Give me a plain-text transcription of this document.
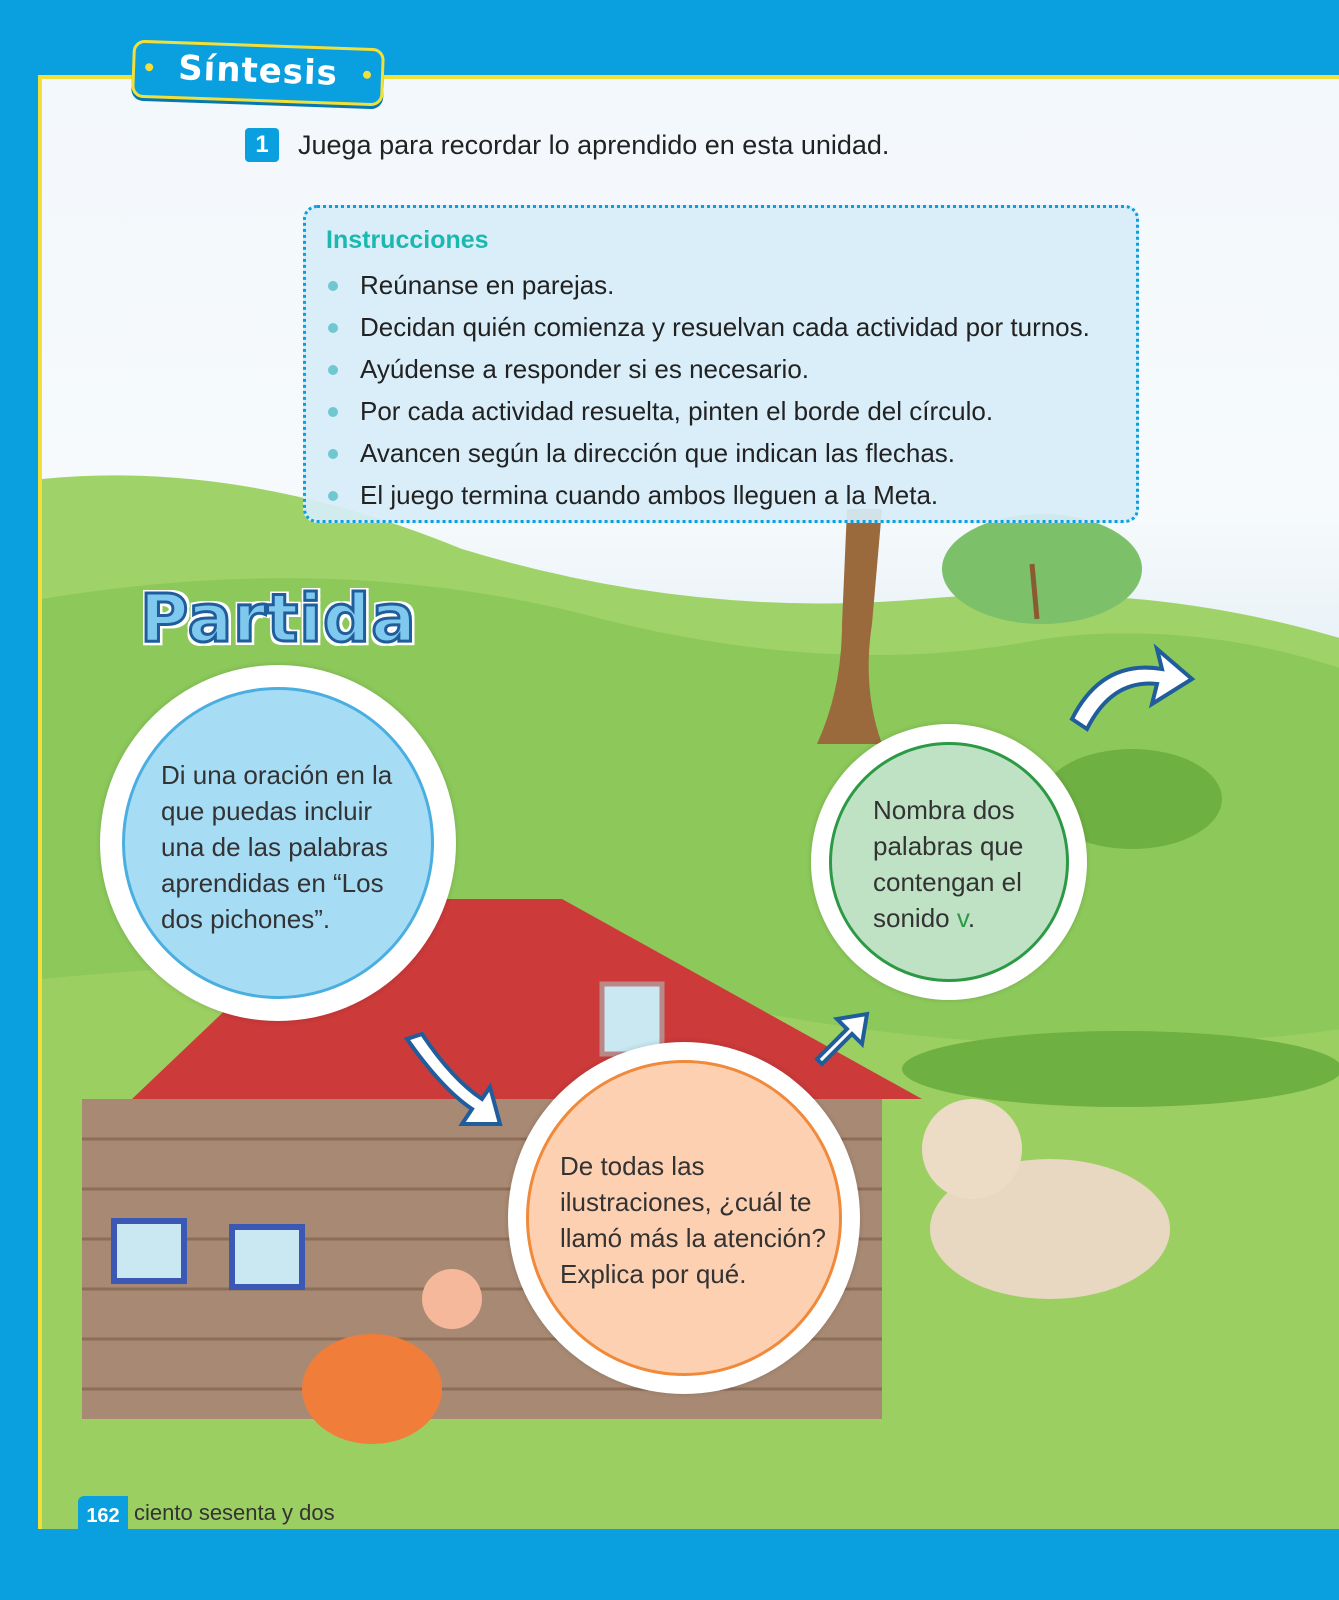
Síntesis
1	Juega para recordar lo aprendido en esta unidad.
Instrucciones
Reúnanse en parejas.
Decidan quién comienza y resuelvan cada actividad por turnos.
Ayúdense a responder si es necesario.
Por cada actividad resuelta, pinten el borde del círculo.
Avancen según la dirección que indican las flechas.
El juego termina cuando ambos lleguen a la Meta.
Partida
Di una oración en la que puedas incluir una de las palabras aprendidas en “Los dos pichones”.
Nombra dos palabras que contengan el sonido v.
De todas las ilustraciones, ¿cuál te llamó más la atención? Explica por qué.
162 ciento sesenta y dos
